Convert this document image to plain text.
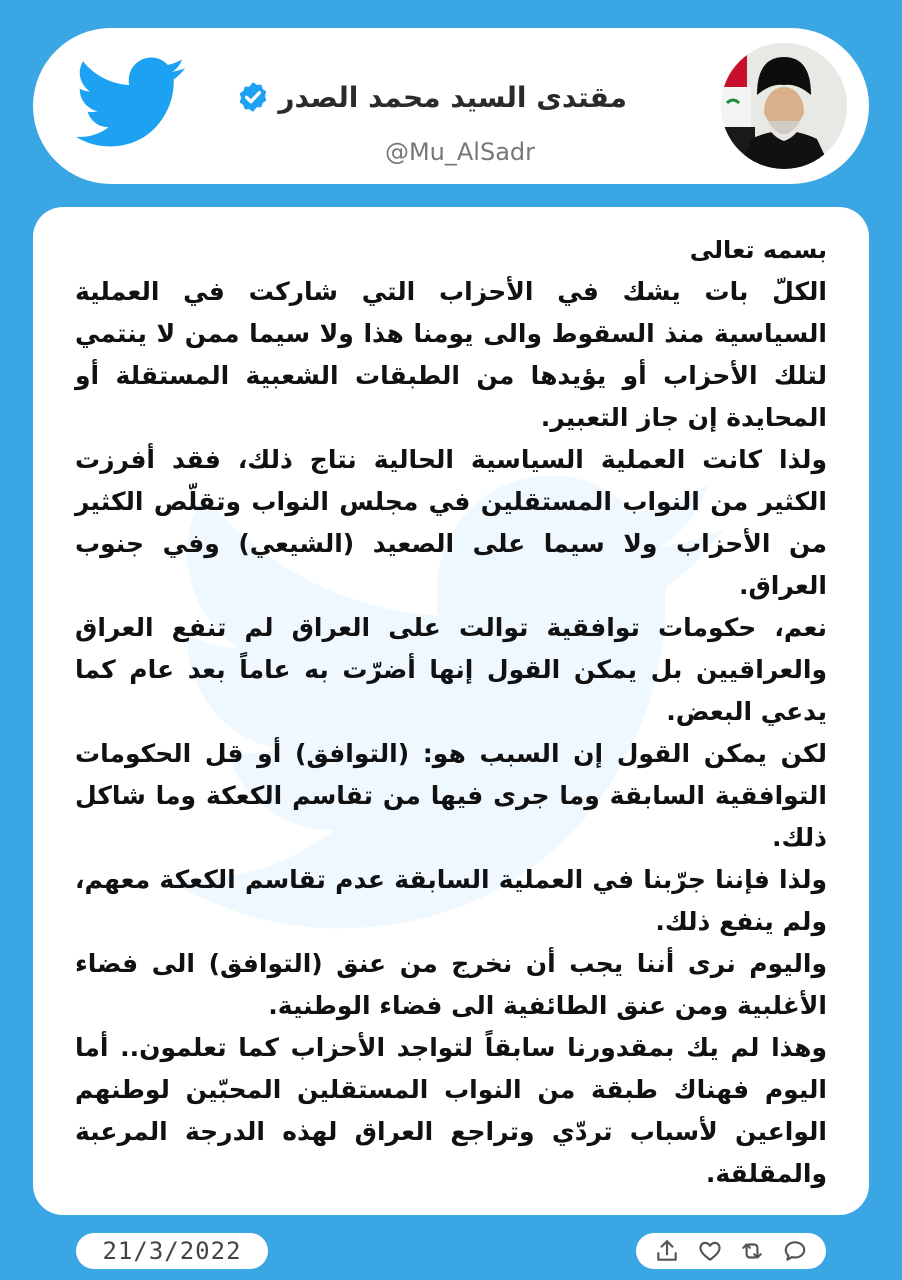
مقتدى السيد محمد الصدر
@Mu_AlSadr

بسمه تعالى

الكلّ بات يشك في الأحزاب التي شاركت في العملية السياسية منذ السقوط والى يومنا هذا ولا سيما ممن لا ينتمي لتلك الأحزاب أو يؤيدها من الطبقات الشعبية المستقلة أو المحايدة إن جاز التعبير.

ولذا كانت العملية السياسية الحالية نتاج ذلك، فقد أفرزت الكثير من النواب المستقلين في مجلس النواب وتقلّص الكثير من الأحزاب ولا سيما على الصعيد (الشيعي) وفي جنوب العراق.

نعم، حكومات توافقية توالت على العراق لم تنفع العراق والعراقيين بل يمكن القول إنها أضرّت به عاماً بعد عام كما يدعي البعض.

لكن يمكن القول إن السبب هو: (التوافق) أو قل الحكومات التوافقية السابقة وما جرى فيها من تقاسم الكعكة وما شاكل ذلك.

ولذا فإننا جرّبنا في العملية السابقة عدم تقاسم الكعكة معهم، ولم ينفع ذلك.

واليوم نرى أننا يجب أن نخرج من عنق (التوافق) الى فضاء الأغلبية ومن عنق الطائفية الى فضاء الوطنية.

وهذا لم يك بمقدورنا سابقاً لتواجد الأحزاب كما تعلمون.. أما اليوم فهناك طبقة من النواب المستقلين المحبّين لوطنهم الواعين لأسباب تردّي وتراجع العراق لهذه الدرجة المرعبة والمقلقة.

21/3/2022
